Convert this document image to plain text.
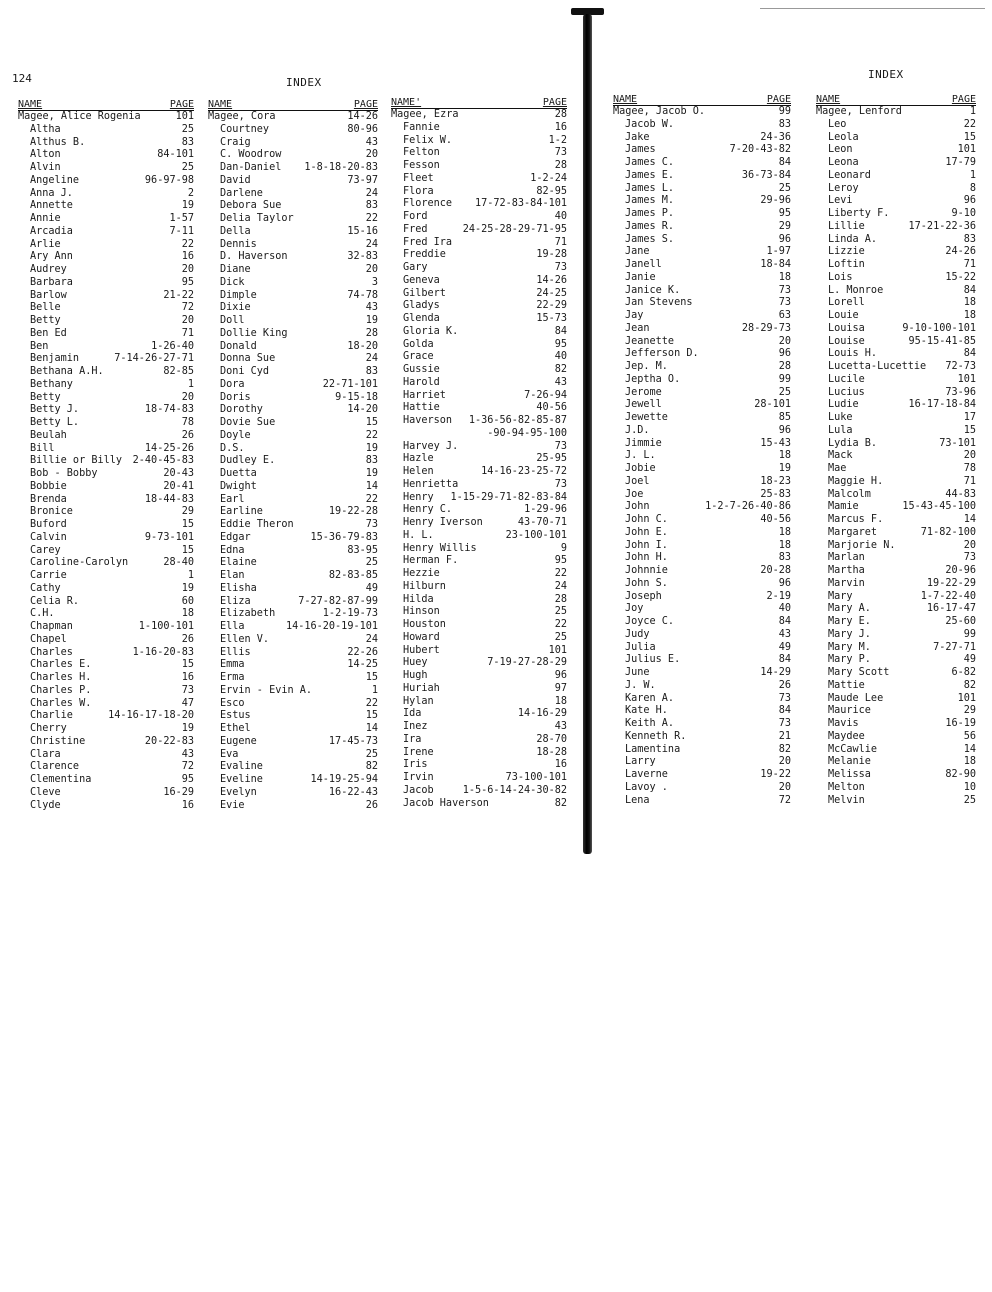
124	INDEX
INDEX
NAME	PAGE
Magee, Alice Rogenia	101
Altha	25
Althus B.	83
Alton	84-101
Alvin	25
Angeline	96-97-98
Anna J.	2
Annette	19
Annie	1-57
Arcadia	7-11
Arlie	22
Ary Ann	16
Audrey	20
Barbara	95
Barlow	21-22
Belle	72
Betty	20
Ben Ed	71
Ben	1-26-40
Benjamin	7-14-26-27-71
Bethana A.H.	82-85
Bethany	1
Betty	20
Betty J.	18-74-83
Betty L.	78
Beulah	26
Bill	14-25-26
Billie or Billy 2-40-45-83
Bob - Bobby	20-43
Bobbie	20-41
Brenda	18-44-83
Bronice	29
Buford	15
Calvin	9-73-101
Carey	15
Caroline-Carolyn	28-40
Carrie	1
Cathy	19
Celia R.	60
C.H.	18
Chapman	1-100-101
Chapel	26
Charles	1-16-20-83
Charles E.	15
Charles H.	16
Charles P.	73
Charles W.	47
Charlie	14-16-17-18-20
Cherry	19
Christine	20-22-83
Clara	43
Clarence	72
Clementina	95
Cleve	16-29
Clyde	16
NAME	PAGE
Magee, Cora	14-26
Courtney	80-96
Craig	43
C. Woodrow	20
Dan-Daniel 1-8-18-20-83
David	73-97
Darlene	24
Debora Sue	83
Delia Taylor	22
Della	15-16
Dennis	24
D. Haverson	32-83
Diane	20
Dick	3
Dimple	74-78
Dixie	43
Doll	19
Dollie King	28
Donald	18-20
Donna Sue	24
Doni Cyd	83
Dora	22-71-101
Doris	9-15-18
Dorothy	14-20
Dovie Sue	15
Doyle	22
D.S.	19
Dudley E.	83
Duetta	19
Dwight	14
Earl	22
Earline	19-22-28
Eddie Theron	73
Edgar	15-36-79-83
Edna	83-95
Elaine	25
Elan	82-83-85
Elisha	49
Eliza	7-27-82-87-99
Elizabeth	1-2-19-73
Ella	14-16-20-19-101
Ellen V.	24
Ellis	22-26
Emma	14-25
Erma	15
Ervin - Evin A.	1
Esco	22
Estus	15
Ethel	14
Eugene	17-45-73
Eva	25
Evaline	82
Eveline	14-19-25-94
Evelyn	16-22-43
Evie	26
NAME'	PAGE
Magee, Ezra	28
Fannie	16
Felix W.	1-2
Felton	73
Fesson	28
Fleet	1-2-24
Flora	82-95
Florence 17-72-83-84-101
Ford	40
Fred	24-25-28-29-71-95
Fred Ira	71
Freddie	19-28
Gary	73
Geneva	14-26
Gilbert	24-25
Gladys	22-29
Glenda	15-73
Gloria K.	84
Golda	95
Grace	40
Gussie	82
Harold	43
Harriet	7-26-94
Hattie	40-56
Haverson 1-36-56-82-85-87
-90-94-95-100
Harvey J.	73
Hazle	25-95
Helen	14-16-23-25-72
Henrietta	73
Henry 1-15-29-71-82-83-84
Henry C.	1-29-96
Henry Iverson	43-70-71
H. L.	23-100-101
Henry Willis	9
Herman F.	95
Hezzie	22
Hilburn	24
Hilda	28
Hinson	25
Houston	22
Howard	25
Hubert	101
Huey	7-19-27-28-29
Hugh	96
Huriah	97
Hylan	18
Ida	14-16-29
Inez	43
Ira	28-70
Irene	18-28
Iris	16
Irvin	73-100-101
Jacob	1-5-6-14-24-30-82
Jacob Haverson	82
NAME	PAGE
Magee, Jacob O.	99
Jacob W.	83
Jake	24-36
James	7-20-43-82
James C.	84
James E.	36-73-84
James L.	25
James M.	29-96
James P.	95
James R.	29
James S.	96
Jane	1-97
Janell	18-84
Janie	18
Janice K.	73
Jan Stevens	73
Jay	63
Jean	28-29-73
Jeanette	20
Jefferson D.	96
Jep. M.	28
Jeptha O.	99
Jerome	25
Jewell	28-101
Jewette	85
J.D.	96
Jimmie	15-43
J. L.	18
Jobie	19
Joel	18-23
Joe	25-83
John	1-2-7-26-40-86
John C.	40-56
John E.	18
John I.	18
John H.	83
Johnnie	20-28
John S.	96
Joseph	2-19
Joy	40
Joyce C.	84
Judy	43
Julia	49
Julius E.	84
June	14-29
J. W.	26
Karen A.	73
Kate H.	84
Keith A.	73
Kenneth R.	21
Lamentina	82
Larry	20
Laverne	19-22
Lavoy .	20
Lena	72
NAME	PAGE
Magee, Lenford	1
Leo	22
Leola	15
Leon	101
Leona	17-79
Leonard	1
Leroy	8
Levi	96
Liberty F.	9-10
Lillie	17-21-22-36
Linda A.	83
Lizzie	24-26
Loftin	71
Lois	15-22
L. Monroe	84
Lorell	18
Louie	18
Louisa	9-10-100-101
Louise	95-15-41-85
Louis H.	84
Lucetta-Lucettie 72-73
Lucile	101
Lucius	73-96
Ludie	16-17-18-84
Luke	17
Lula	15
Lydia B.	73-101
Mack	20
Mae	78
Maggie H.	71
Malcolm	44-83
Mamie	15-43-45-100
Marcus F.	14
Margaret	71-82-100
Marjorie N.	20
Marlan	73
Martha	20-96
Marvin	19-22-29
Mary	1-7-22-40
Mary A.	16-17-47
Mary E.	25-60
Mary J.	99
Mary M.	7-27-71
Mary P.	49
Mary Scott	6-82
Mattie	82
Maude Lee	101
Maurice	29
Mavis	16-19
Maydee	56
McCawlie	14
Melanie	18
Melissa	82-90
Melton	10
Melvin	25
